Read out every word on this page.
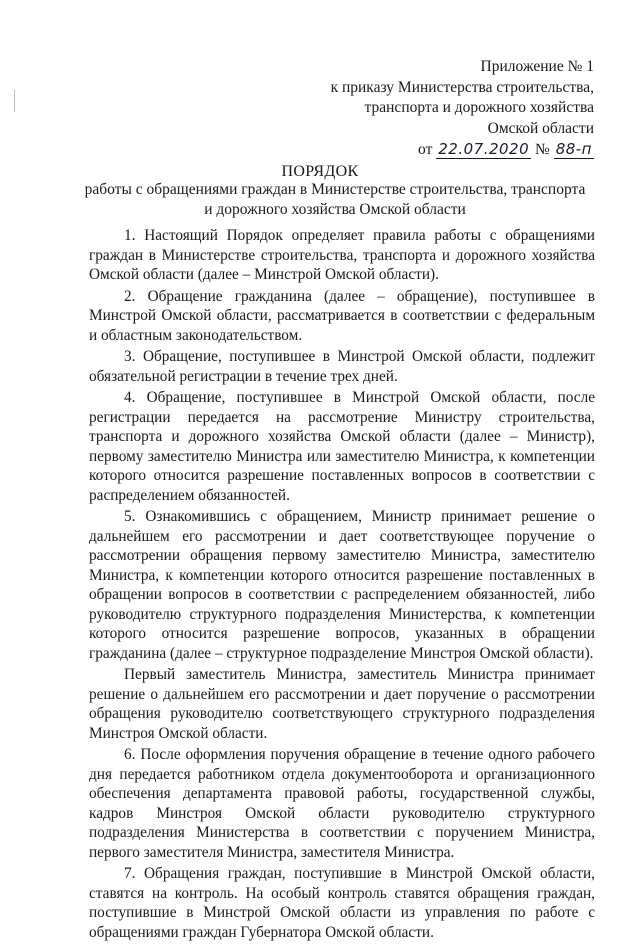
Приложение № 1
к приказу Министерства строительства,
транспорта и дорожного хозяйства
Омской области
от 22.07.2020 № 88-п
ПОРЯДОК
работы с обращениями граждан в Министерстве строительства, транспорта и дорожного хозяйства Омской области

1. Настоящий Порядок определяет правила работы с обращениями граждан в Министерстве строительства, транспорта и дорожного хозяйства Омской области (далее – Минстрой Омской области).

2. Обращение гражданина (далее – обращение), поступившее в Минстрой Омской области, рассматривается в соответствии с федеральным и областным законодательством.

3. Обращение, поступившее в Минстрой Омской области, подлежит обязательной регистрации в течение трех дней.

4. Обращение, поступившее в Минстрой Омской области, после регистрации передается на рассмотрение Министру строительства, транспорта и дорожного хозяйства Омской области (далее – Министр), первому заместителю Министра или заместителю Министра, к компетенции которого относится разрешение поставленных вопросов в соответствии с распределением обязанностей.

5. Ознакомившись с обращением, Министр принимает решение о дальнейшем его рассмотрении и дает соответствующее поручение о рассмотрении обращения первому заместителю Министра, заместителю Министра, к компетенции которого относится разрешение поставленных в обращении вопросов в соответствии с распределением обязанностей, либо руководителю структурного подразделения Министерства, к компетенции которого относится разрешение вопросов, указанных в обращении гражданина (далее – структурное подразделение Минстроя Омской области).

Первый заместитель Министра, заместитель Министра принимает решение о дальнейшем его рассмотрении и дает поручение о рассмотрении обращения руководителю соответствующего структурного подразделения Минстроя Омской области.

6. После оформления поручения обращение в течение одного рабочего дня передается работником отдела документооборота и организационного обеспечения департамента правовой работы, государственной службы, кадров Минстроя Омской области руководителю структурного подразделения Министерства в соответствии с поручением Министра, первого заместителя Министра, заместителя Министра.

7. Обращения граждан, поступившие в Минстрой Омской области, ставятся на контроль. На особый контроль ставятся обращения граждан, поступившие в Минстрой Омской области из управления по работе с обращениями граждан Губернатора Омской области.
